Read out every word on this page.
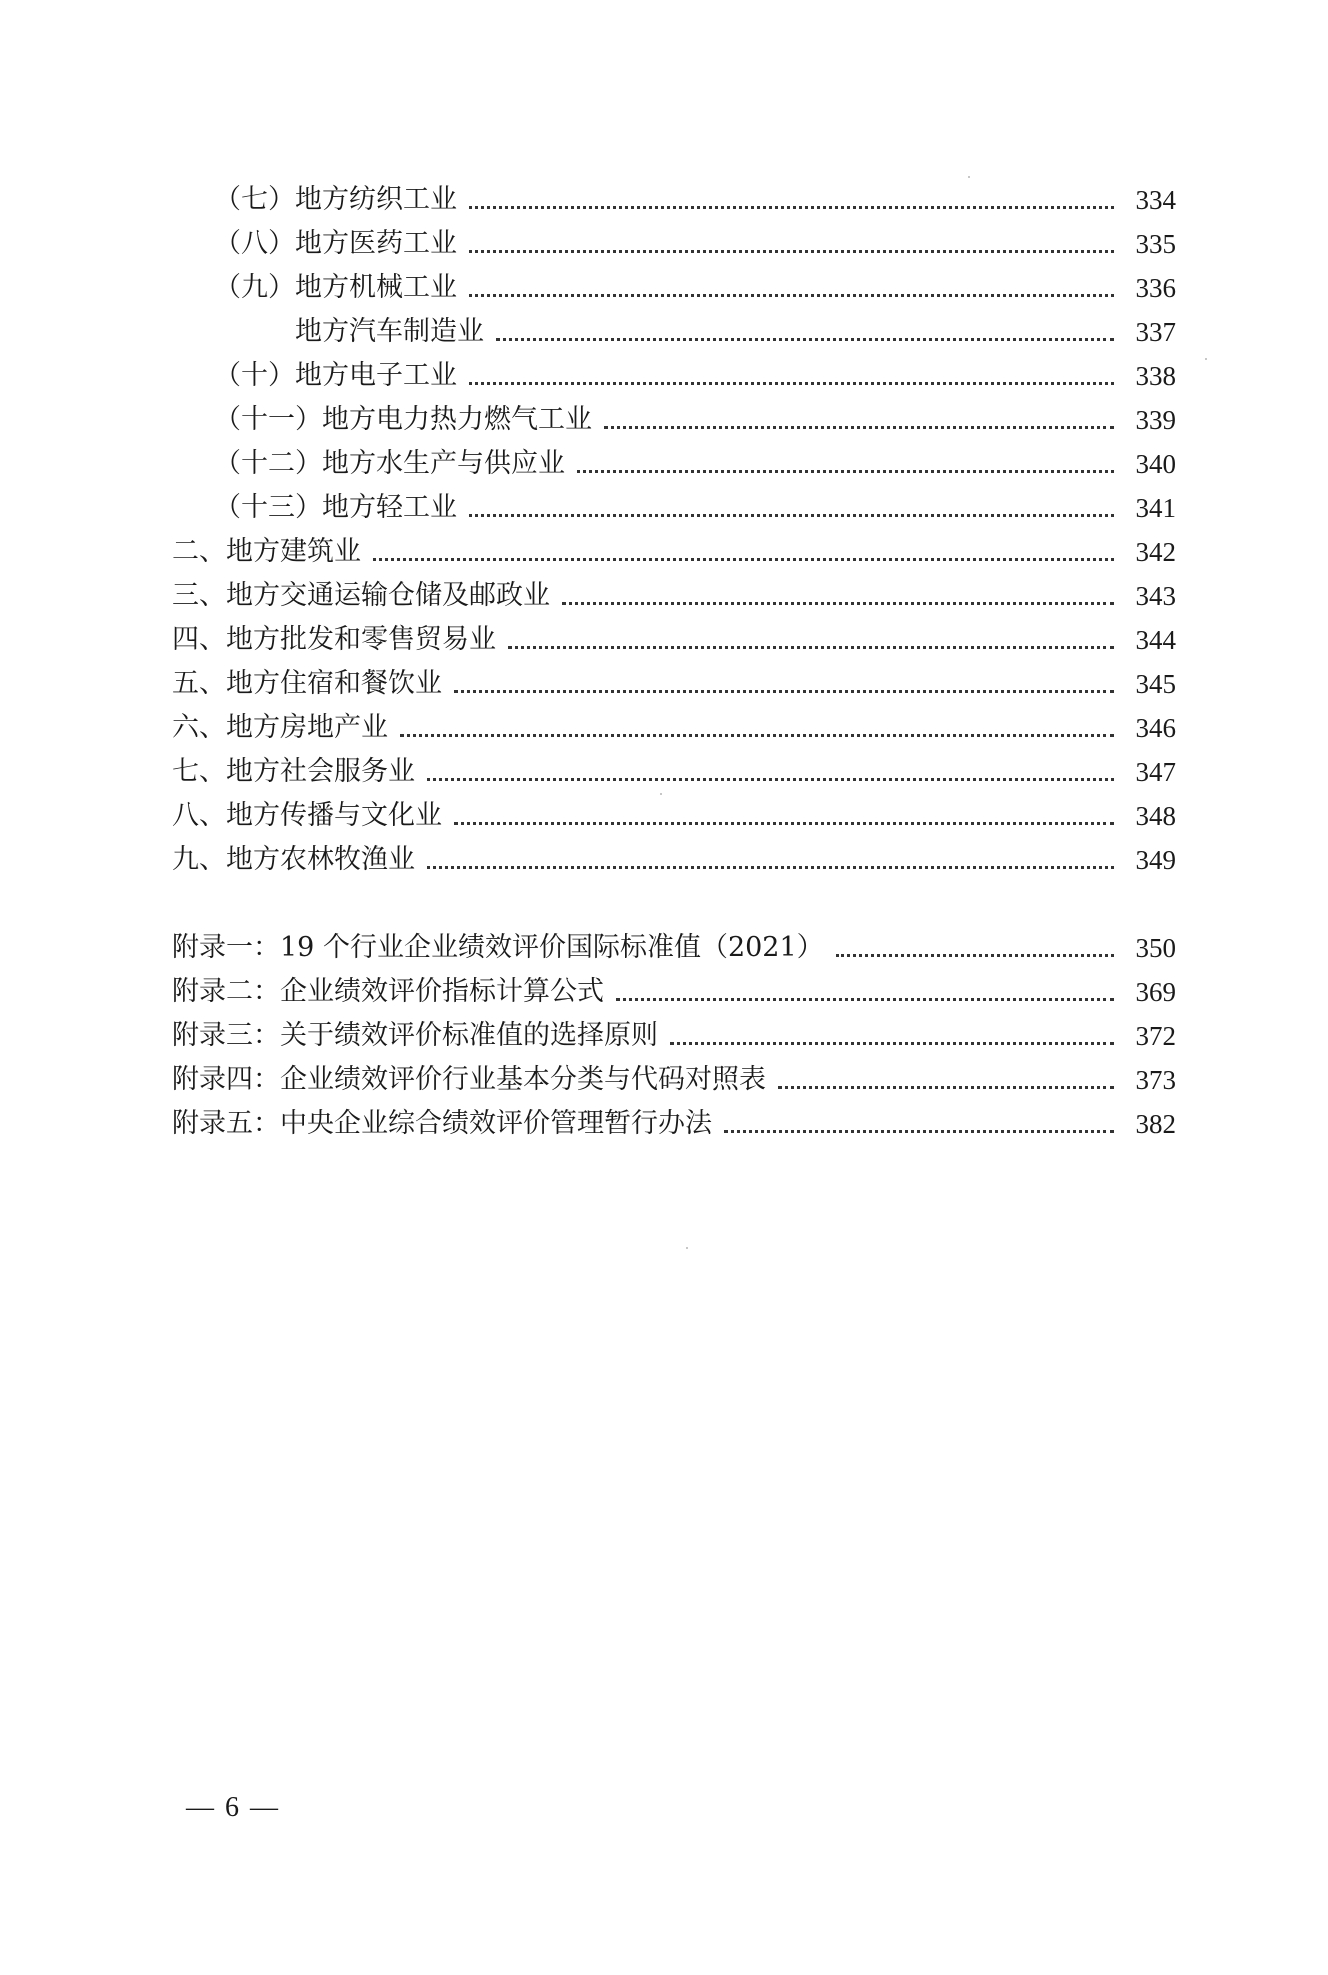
（七）地方纺织工业	334
（八）地方医药工业	335
（九）地方机械工业	336
地方汽车制造业	337
（十）地方电子工业	338
（十一）地方电力热力燃气工业	339
（十二）地方水生产与供应业	340
（十三）地方轻工业	341
二、地方建筑业	342
三、地方交通运输仓储及邮政业	343
四、地方批发和零售贸易业	344
五、地方住宿和餐饮业	345
六、地方房地产业	346
七、地方社会服务业	347
八、地方传播与文化业	348
九、地方农林牧渔业	349
附录一：19 个行业企业绩效评价国际标准值（2021）	350
附录二：企业绩效评价指标计算公式	369
附录三：关于绩效评价标准值的选择原则	372
附录四：企业绩效评价行业基本分类与代码对照表	373
附录五：中央企业综合绩效评价管理暂行办法	382
— 6 —
